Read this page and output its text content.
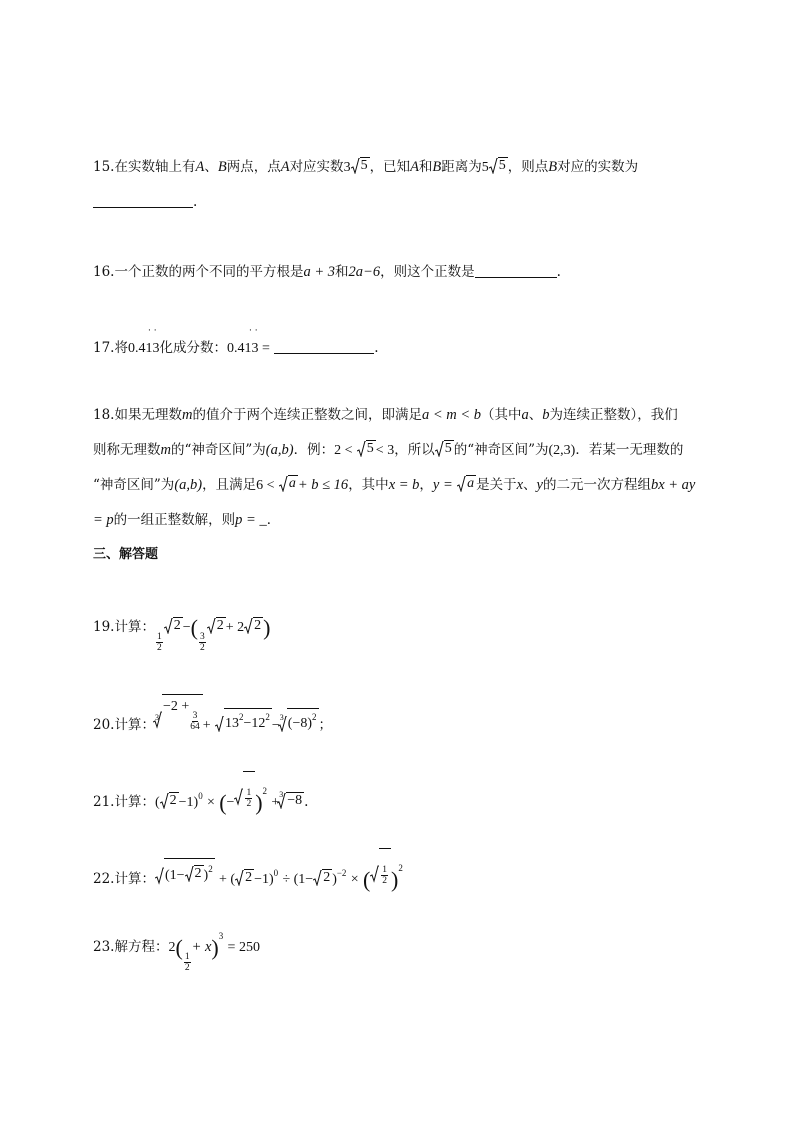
15.在实数轴上有A、B两点，点A对应实数3 5 ，已知A和B距离为5 5 ，则点B对应的实数为
.
16.一个正数的两个不同的平方根是a + 3和2a−6，则这个正数是	.
17.将0.413化成分数：0.413 =	.
· ·	· ·
18.如果无理数m的值介于两个连续正整数之间，即满足a < m < b（其中a、b为连续正整数），我们
则称无理数m的“神奇区间”为(a,b)．例：2 < 5 < 3，所以 5 的“神奇区间”为(2,3)．若某一无理数的
“神奇区间”为(a,b)，且满足6 < a + b ≤ 16，其中x = b，y = a 是关于x、y的二元一次方程组bx + ay
= p的一组正整数解，则p = _．
三、解答题
19.计算：
$\frac{1}{2}$
2 −(
$\frac{3}{2}$
2 + 2 2 )
20.计算：$^3$
−2 +
$\frac{3}{64} + 13^2-12^2$
−$^3$ $(-8)^2$ ；
21.计算：( 2 −1)$^0$ × (− $\frac{1}{2} )^2 +^3 -8$ .
22.计算： (1− 2 )$^2$
+ ( 2 −1)$^0$ ÷ (1− 2 )$^{-2}$ × ( $\frac{1}{2} )^2$
23.解方程：2(
$\frac{1}{2}$
+ x)$^3$ = 250
